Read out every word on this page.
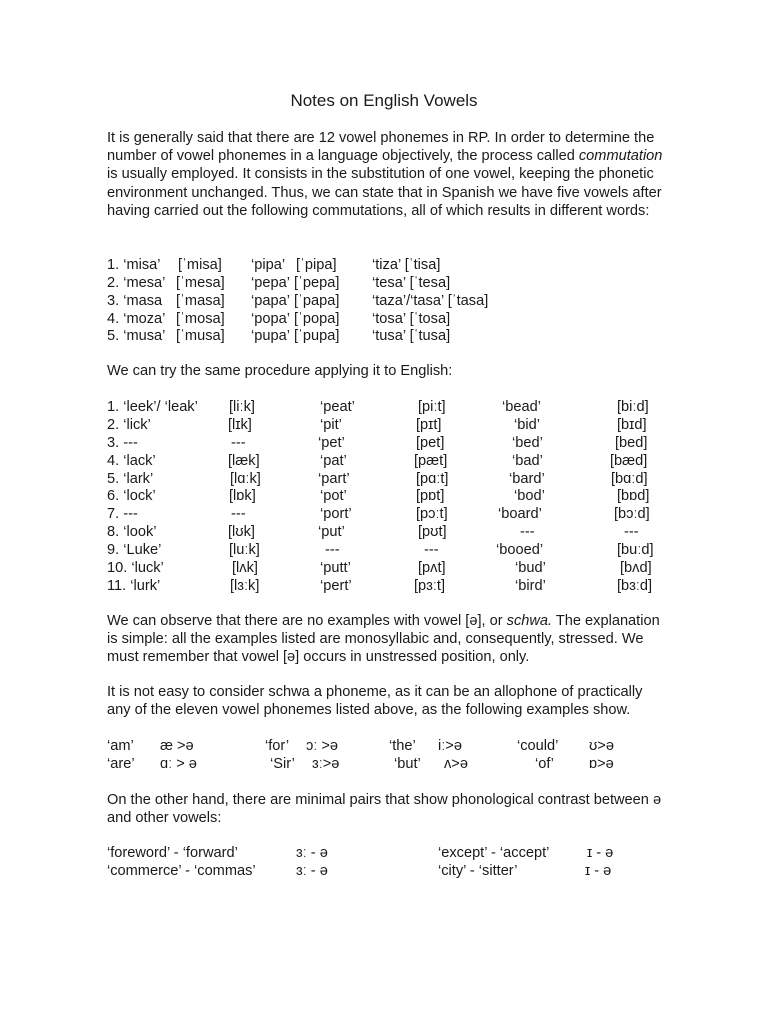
Notes on English Vowels

It is generally said that there are 12 vowel phonemes in RP. In order to determine the number of vowel phonemes in a language objectively, the process called commutation is usually employed. It consists in the substitution of one vowel, keeping the phonetic environment unchanged. Thus, we can state that in Spanish we have five vowels after having carried out the following commutations, all of which results in different words:

1. ‘misa’ [ˈmisa] ‘pipa’ [ˈpipa] ‘tiza’ [ˈtisa]
2. ‘mesa’ [ˈmesa] ‘pepa’ [ˈpepa] ‘tesa’ [ˈtesa]
3. ‘masa [ˈmasa] ‘papa’ [ˈpapa] ‘taza’/‘tasa’ [ˈtasa]
4. ‘moza’ [ˈmosa] ‘popa’ [ˈpopa] ‘tosa’ [ˈtosa]
5. ‘musa’ [ˈmusa] ‘pupa’ [ˈpupa] ‘tusa’ [ˈtusa]

We can try the same procedure applying it to English:

1. ‘leek’/ ‘leak’ [liːk]	‘peat’	[piːt]	‘bead’	[biːd]
2. ‘lick’	[lɪk]	‘pit’	[pɪt]	‘bid’	[bɪd]
3. ---	---	‘pet’	[pet]	‘bed’	[bed]
4. ‘lack’	[læk]	‘pat’	[pæt]	‘bad’	[bæd]
5. ‘lark’	[lɑːk]	‘part’	[pɑːt]	‘bard’	[bɑːd]
6. ‘lock’	[lɒk]	‘pot’	[pɒt]	‘bod’	[bɒd]
7. ---	---	‘port’	[pɔːt]	‘board’	[bɔːd]
8. ‘look’	[lʊk]	‘put’	[pʊt]	---	---
9. ‘Luke’	[luːk]	---	---	‘booed’	[buːd]
10. ‘luck’	[lʌk]	‘putt’	[pʌt]	‘bud’	[bʌd]
11. ‘lurk’	[lɜːk]	‘pert’	[pɜːt]	‘bird’	[bɜːd]

We can observe that there are no examples with vowel [ə], or schwa. The explanation is simple: all the examples listed are monosyllabic and, consequently, stressed. We must remember that vowel [ə] occurs in unstressed position, only.

It is not easy to consider schwa a phoneme, as it can be an allophone of practically any of the eleven vowel phonemes listed above, as the following examples show.

‘am’ æ >ə	‘for’ ɔː >ə	‘the’ iː>ə	‘could’ ʊ>ə
‘are’ ɑː > ə	‘Sir’ ɜː>ə	‘but’ ʌ>ə	‘of’ ɒ>ə

On the other hand, there are minimal pairs that show phonological contrast between ə and other vowels:

‘foreword’ - ‘forward’	ɜː - ə	‘except’ - ‘accept’	ɪ - ə
‘commerce’ - ‘commas’	ɜː - ə	‘city’ - ‘sitter’	ɪ - ə
